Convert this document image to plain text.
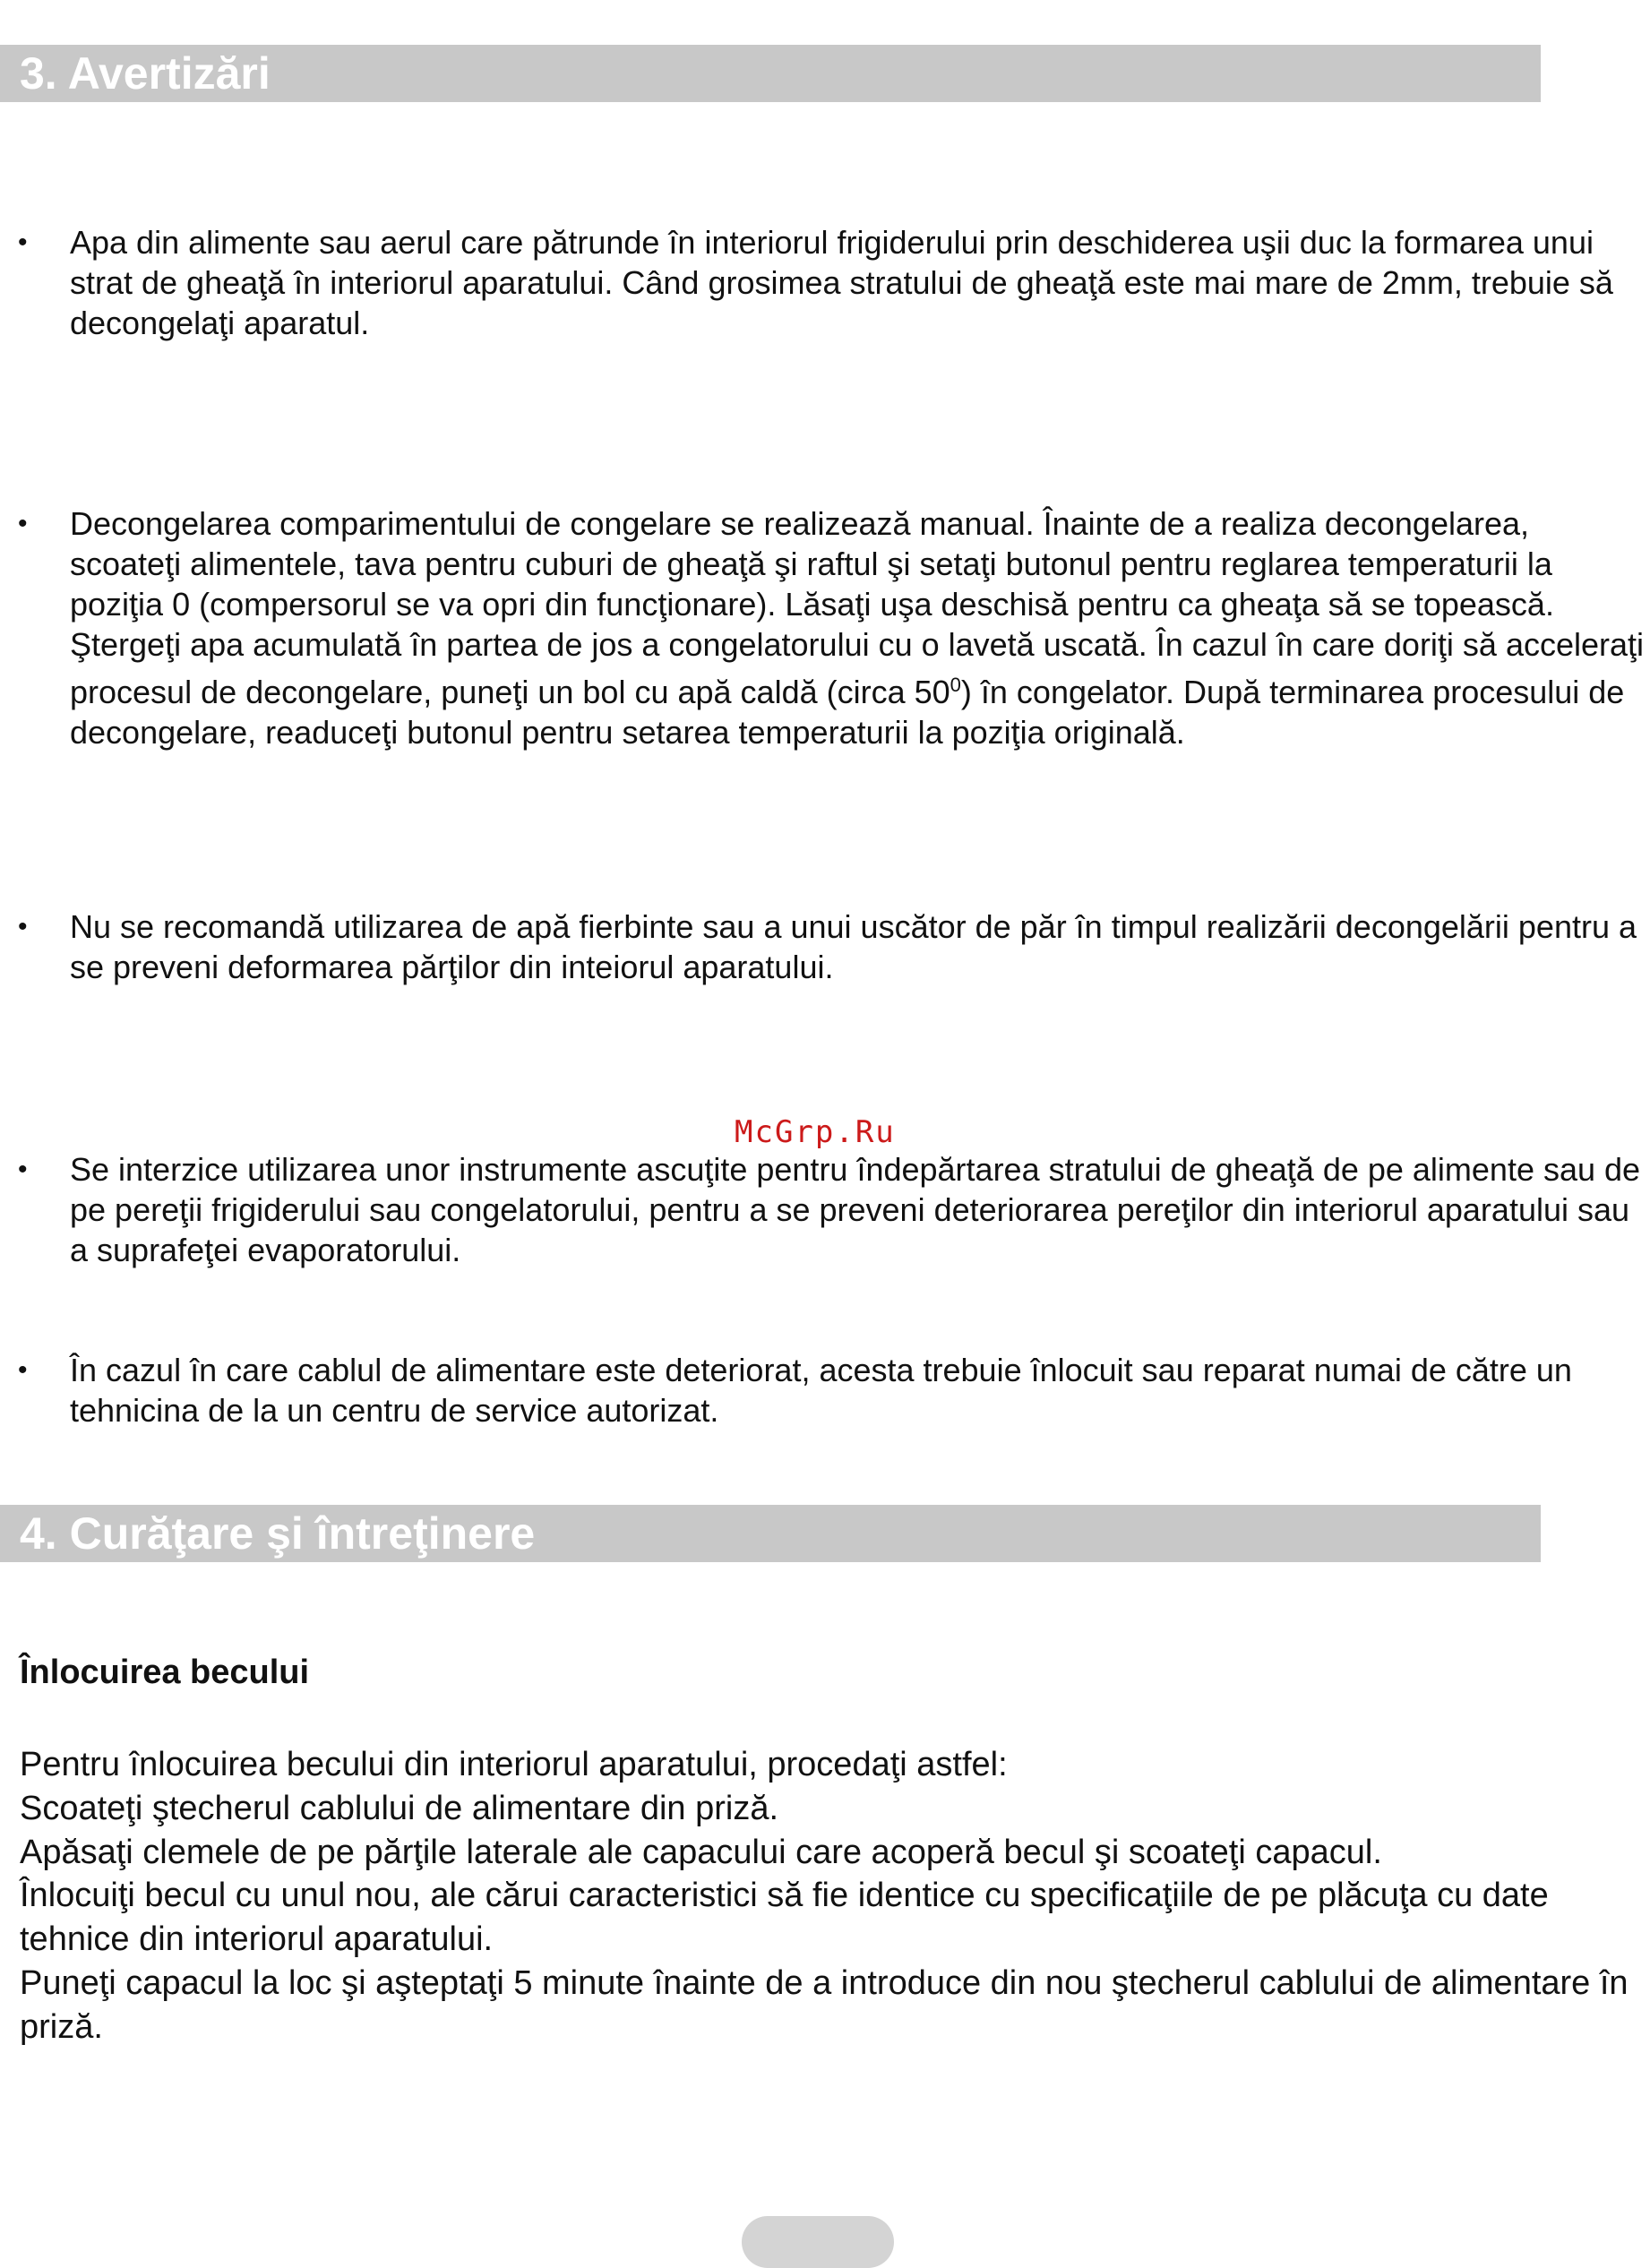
3. Avertizări
• Apa din alimente sau aerul care pătrunde în interiorul frigiderului prin deschiderea uşii duc la formarea unui strat de gheaţă în interiorul aparatului. Când grosimea stratului de gheaţă este mai mare de 2mm, trebuie să decongelaţi aparatul.
• Decongelarea comparimentului de congelare se realizează manual. Înainte de a realiza decongelarea, scoateţi alimentele, tava pentru cuburi de gheaţă şi raftul şi setaţi butonul pentru reglarea temperaturii la poziţia 0 (compersorul se va opri din funcţionare). Lăsaţi uşa deschisă pentru ca gheaţa să se topească. Ştergeţi apa acumulată în partea de jos a congelatorului cu o lavetă uscată. În cazul în care doriţi să acceleraţi procesul de decongelare, puneţi un bol cu apă caldă (circa $50^0$) în congelator. După terminarea procesului de decongelare, readuceţi butonul pentru setarea temperaturii la poziţia originală.
• Nu se recomandă utilizarea de apă fierbinte sau a unui uscător de păr în timpul realizării decongelării pentru a se preveni deformarea părţilor din inteiorul aparatului.
McGrp.Ru
• Se interzice utilizarea unor instrumente ascuţite pentru îndepărtarea stratului de gheaţă de pe alimente sau de pe pereţii frigiderului sau congelatorului, pentru a se preveni deteriorarea pereţilor din interiorul aparatului sau a suprafeţei evaporatorului.
• În cazul în care cablul de alimentare este deteriorat, acesta trebuie înlocuit sau reparat numai de către un tehnicina de la un centru de service autorizat.
4. Curăţare şi întreţinere
Înlocuirea becului
Pentru înlocuirea becului din interiorul aparatului, procedaţi astfel:
Scoateţi ştecherul cablului de alimentare din priză.
Apăsaţi clemele de pe părţile laterale ale capacului care acoperă becul şi scoateţi capacul.
Înlocuiţi becul cu unul nou, ale cărui caracteristici să fie identice cu specificaţiile de pe plăcuţa cu date tehnice din interiorul aparatului.
Puneţi capacul la loc şi aşteptaţi 5 minute înainte de a introduce din nou ştecherul cablului de alimentare în priză.
